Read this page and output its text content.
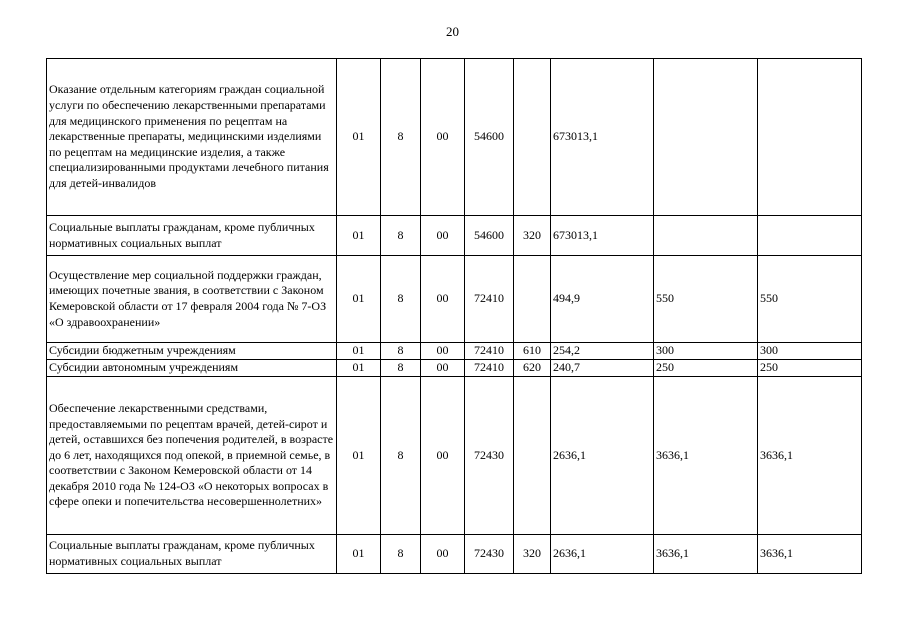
20
Оказание отдельным категориям граждан социальной услуги по обеспечению лекарственными препаратами для медицинского применения по рецептам на лекарственные препараты, медицинскими изделиями по рецептам на медицинские изделия, а также специализированными продуктами лечебного питания для детей-инвалидов	01	8	00	54600		673013,1		
Социальные выплаты гражданам, кроме публичных нормативных социальных выплат	01	8	00	54600	320	673013,1		
Осуществление мер социальной поддержки граждан, имеющих почетные звания, в соответствии с Законом Кемеровской области от 17 февраля 2004 года № 7-ОЗ «О здравоохранении»	01	8	00	72410		494,9	550	550
Субсидии бюджетным учреждениям	01	8	00	72410	610	254,2	300	300
Субсидии автономным учреждениям	01	8	00	72410	620	240,7	250	250
Обеспечение лекарственными средствами, предоставляемыми по рецептам врачей, детей-сирот и детей, оставшихся без попечения родителей, в возрасте до 6 лет, находящихся под опекой, в приемной семье, в соответствии с Законом Кемеровской области от 14 декабря 2010 года № 124-ОЗ «О некоторых вопросах в сфере опеки и попечительства несовершеннолетних»	01	8	00	72430		2636,1	3636,1	3636,1
Социальные выплаты гражданам, кроме публичных нормативных социальных выплат	01	8	00	72430	320	2636,1	3636,1	3636,1
